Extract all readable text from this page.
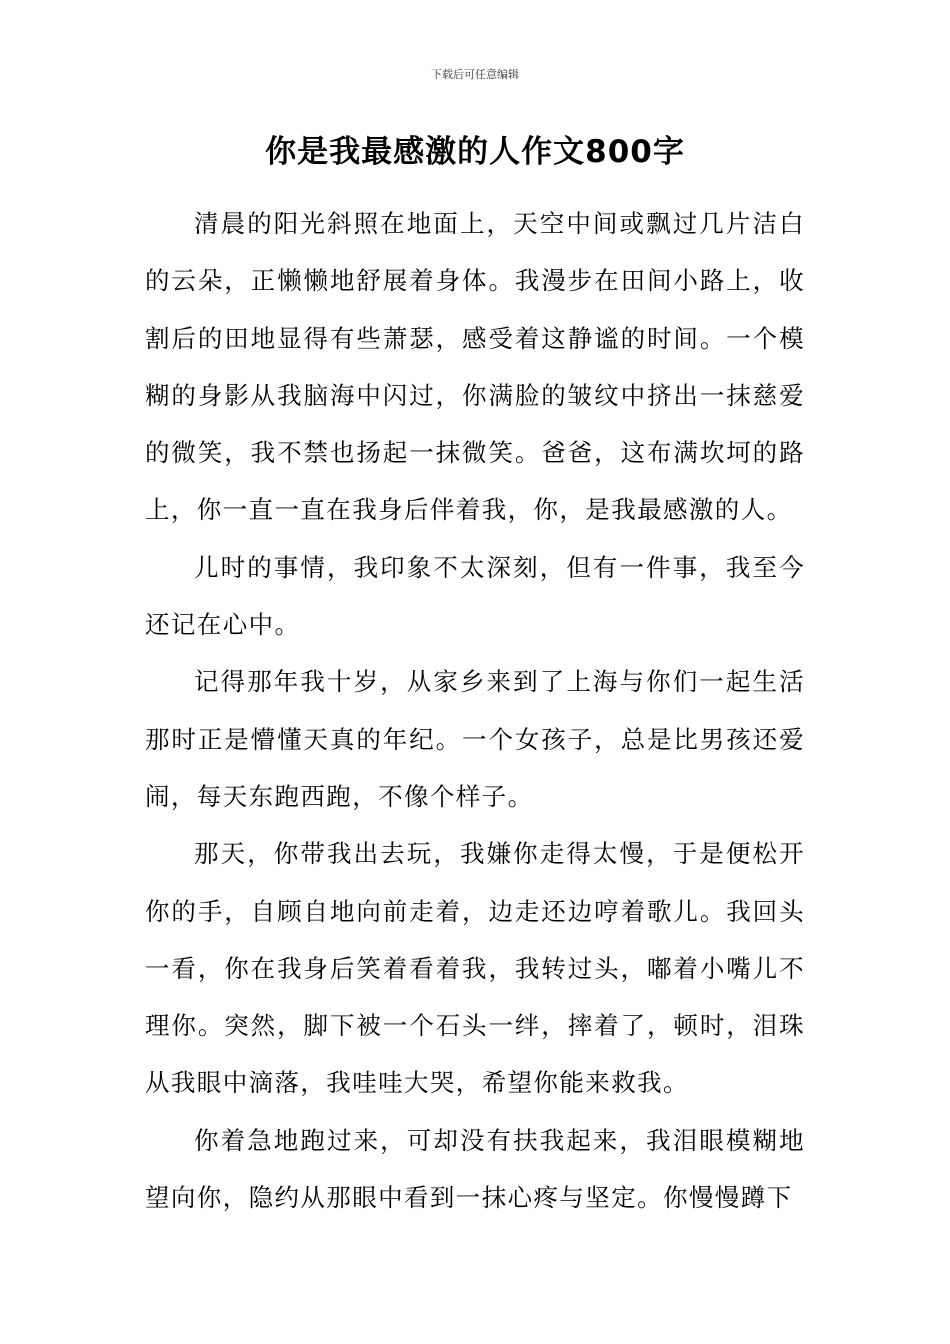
下载后可任意编辑
你是我最感激的人作文800字

清晨的阳光斜照在地面上，天空中间或飘过几片洁白的云朵，正懒懒地舒展着身体。我漫步在田间小路上，收割后的田地显得有些萧瑟，感受着这静谧的时间。一个模糊的身影从我脑海中闪过，你满脸的皱纹中挤出一抹慈爱的微笑，我不禁也扬起一抹微笑。爸爸，这布满坎坷的路上，你一直一直在我身后伴着我，你，是我最感激的人。

儿时的事情，我印象不太深刻，但有一件事，我至今还记在心中。

记得那年我十岁，从家乡来到了上海与你们一起生活那时正是懵懂天真的年纪。一个女孩子，总是比男孩还爱闹，每天东跑西跑，不像个样子。

那天，你带我出去玩，我嫌你走得太慢，于是便松开你的手，自顾自地向前走着，边走还边哼着歌儿。我回头一看，你在我身后笑着看着我，我转过头，嘟着小嘴儿不理你。突然，脚下被一个石头一绊，摔着了，顿时，泪珠从我眼中滴落，我哇哇大哭，希望你能来救我。

你着急地跑过来，可却没有扶我起来，我泪眼模糊地望向你，隐约从那眼中看到一抹心疼与坚定。你慢慢蹲下
